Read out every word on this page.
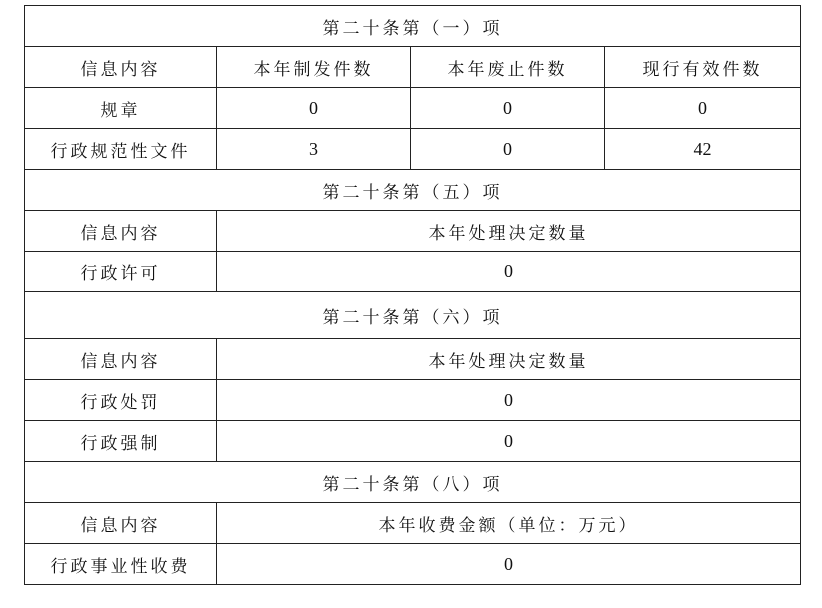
第二十条第（一）项			
信息内容	本年制发件数	本年废止件数	现行有效件数
规章	0	0	0
行政规范性文件	3	0	42
第二十条第（五）项			
信息内容	本年处理决定数量		
行政许可	0		
第二十条第（六）项			
信息内容	本年处理决定数量		
行政处罚	0		
行政强制	0		
第二十条第（八）项			
信息内容	本年收费金额（单位：万元）		
行政事业性收费	0		
